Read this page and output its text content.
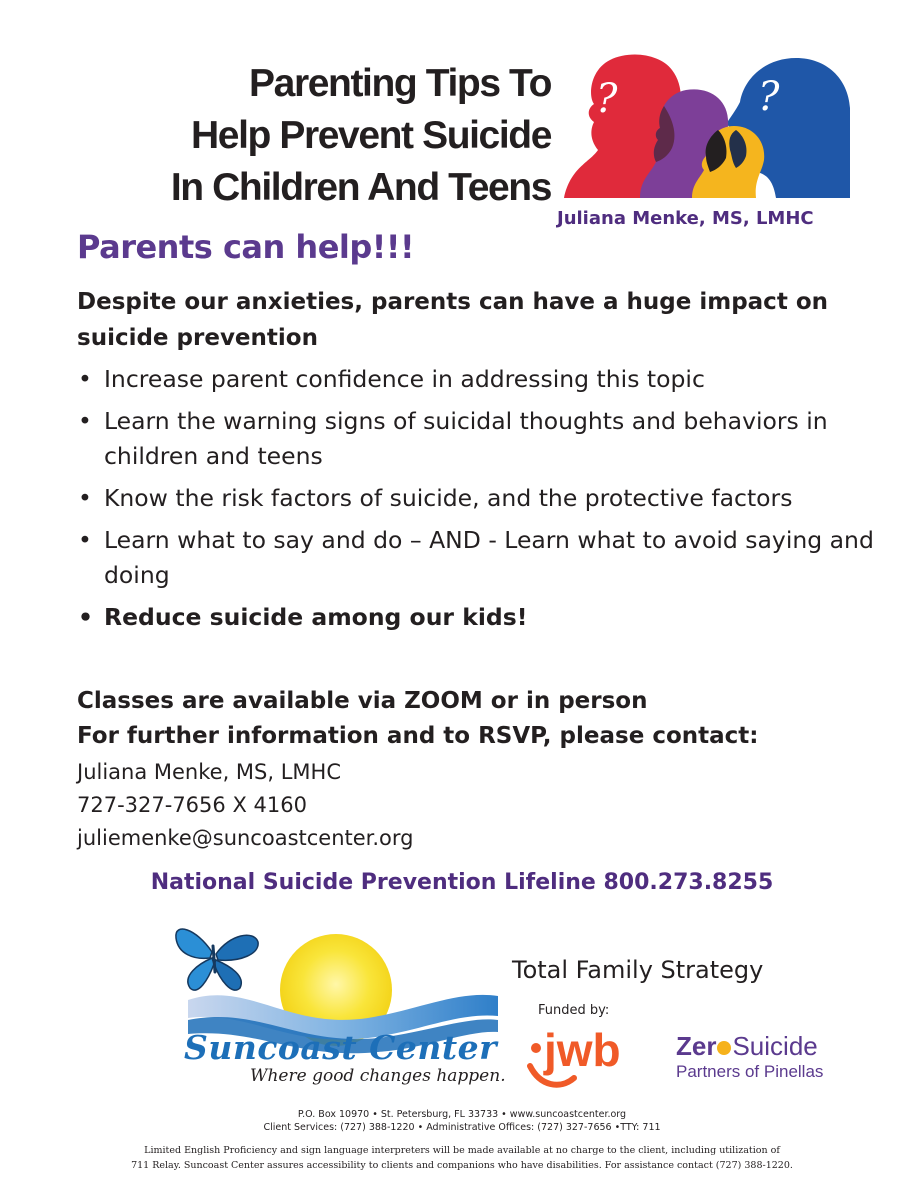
Parenting Tips To
Help Prevent Suicide
In Children And Teens
?	?
Juliana Menke, MS, LMHC
Parents can help!!!
Despite our anxieties, parents can have a huge impact on suicide prevention
• Increase parent confidence in addressing this topic
• Learn the warning signs of suicidal thoughts and behaviors in children and teens
• Know the risk factors of suicide, and the protective factors
• Learn what to say and do – AND - Learn what to avoid saying and doing
• Reduce suicide among our kids!
Classes are available via ZOOM or in person
For further information and to RSVP, please contact:
Juliana Menke, MS, LMHC
727-327-7656 X 4160
juliemenke@suncoastcenter.org
National Suicide Prevention Lifeline 800.273.8255
Suncoast Center
Where good changes happen.
Total Family Strategy
Funded by:
jwb Zer Suicide
Partners of Pinellas
P.O. Box 10970 • St. Petersburg, FL 33733 • www.suncoastcenter.org
Client Services: (727) 388-1220 • Administrative Offices: (727) 327-7656 •TTY: 711
Limited English Proficiency and sign language interpreters will be made available at no charge to the client, including utilization of
711 Relay. Suncoast Center assures accessibility to clients and companions who have disabilities. For assistance contact (727) 388-1220.
